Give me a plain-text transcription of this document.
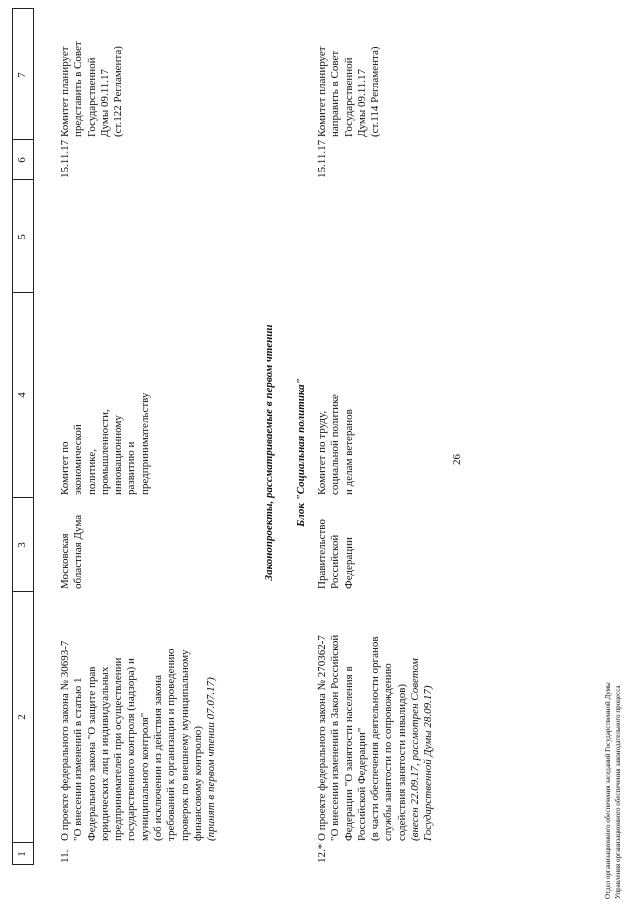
26
1
2
3
4
5
6
7
11.
О проекте федерального закона № 30693-7 "О внесении изменений в статью 1 Федерального закона "О защите прав юридических лиц и индивидуальных предпринимателей при осуществлении государственного контроля (надзора) и муниципального контроля" (об исключении из действия закона требований к организации и проведению проверок по внешнему муниципальному финансовому контролю) (принят в первом чтении 07.07.17)
Московская областная Дума
Комитет по экономической политике, промышленности, инновационному развитию и предпринимательству
15.11.17
Комитет планирует представить в Совет Государственной Думы 09.11.17 (ст.122 Регламента)
Законопроекты, рассматриваемые в первом чтении Блок "Социальная политика"
12.*
О проекте федерального закона № 270362-7 "О внесении изменений в Закон Российской Федерации "О занятости населения в Российской Федерации" (в части обеспечения деятельности органов службы занятости по сопровождению содействия занятости инвалидов) (внесен 22.09.17, рассмотрен Советом Государственной Думы 28.09.17)
Правительство Российской Федерации
Комитет по труду, социальной политике и делам ветеранов
15.11.17
Комитет планирует направить в Совет Государственной Думы 09.11.17 (ст.114 Регламента)
Отдел организационного обеспечения заседаний Государственной Думы Управления организационного обеспечения законодательного процесса
